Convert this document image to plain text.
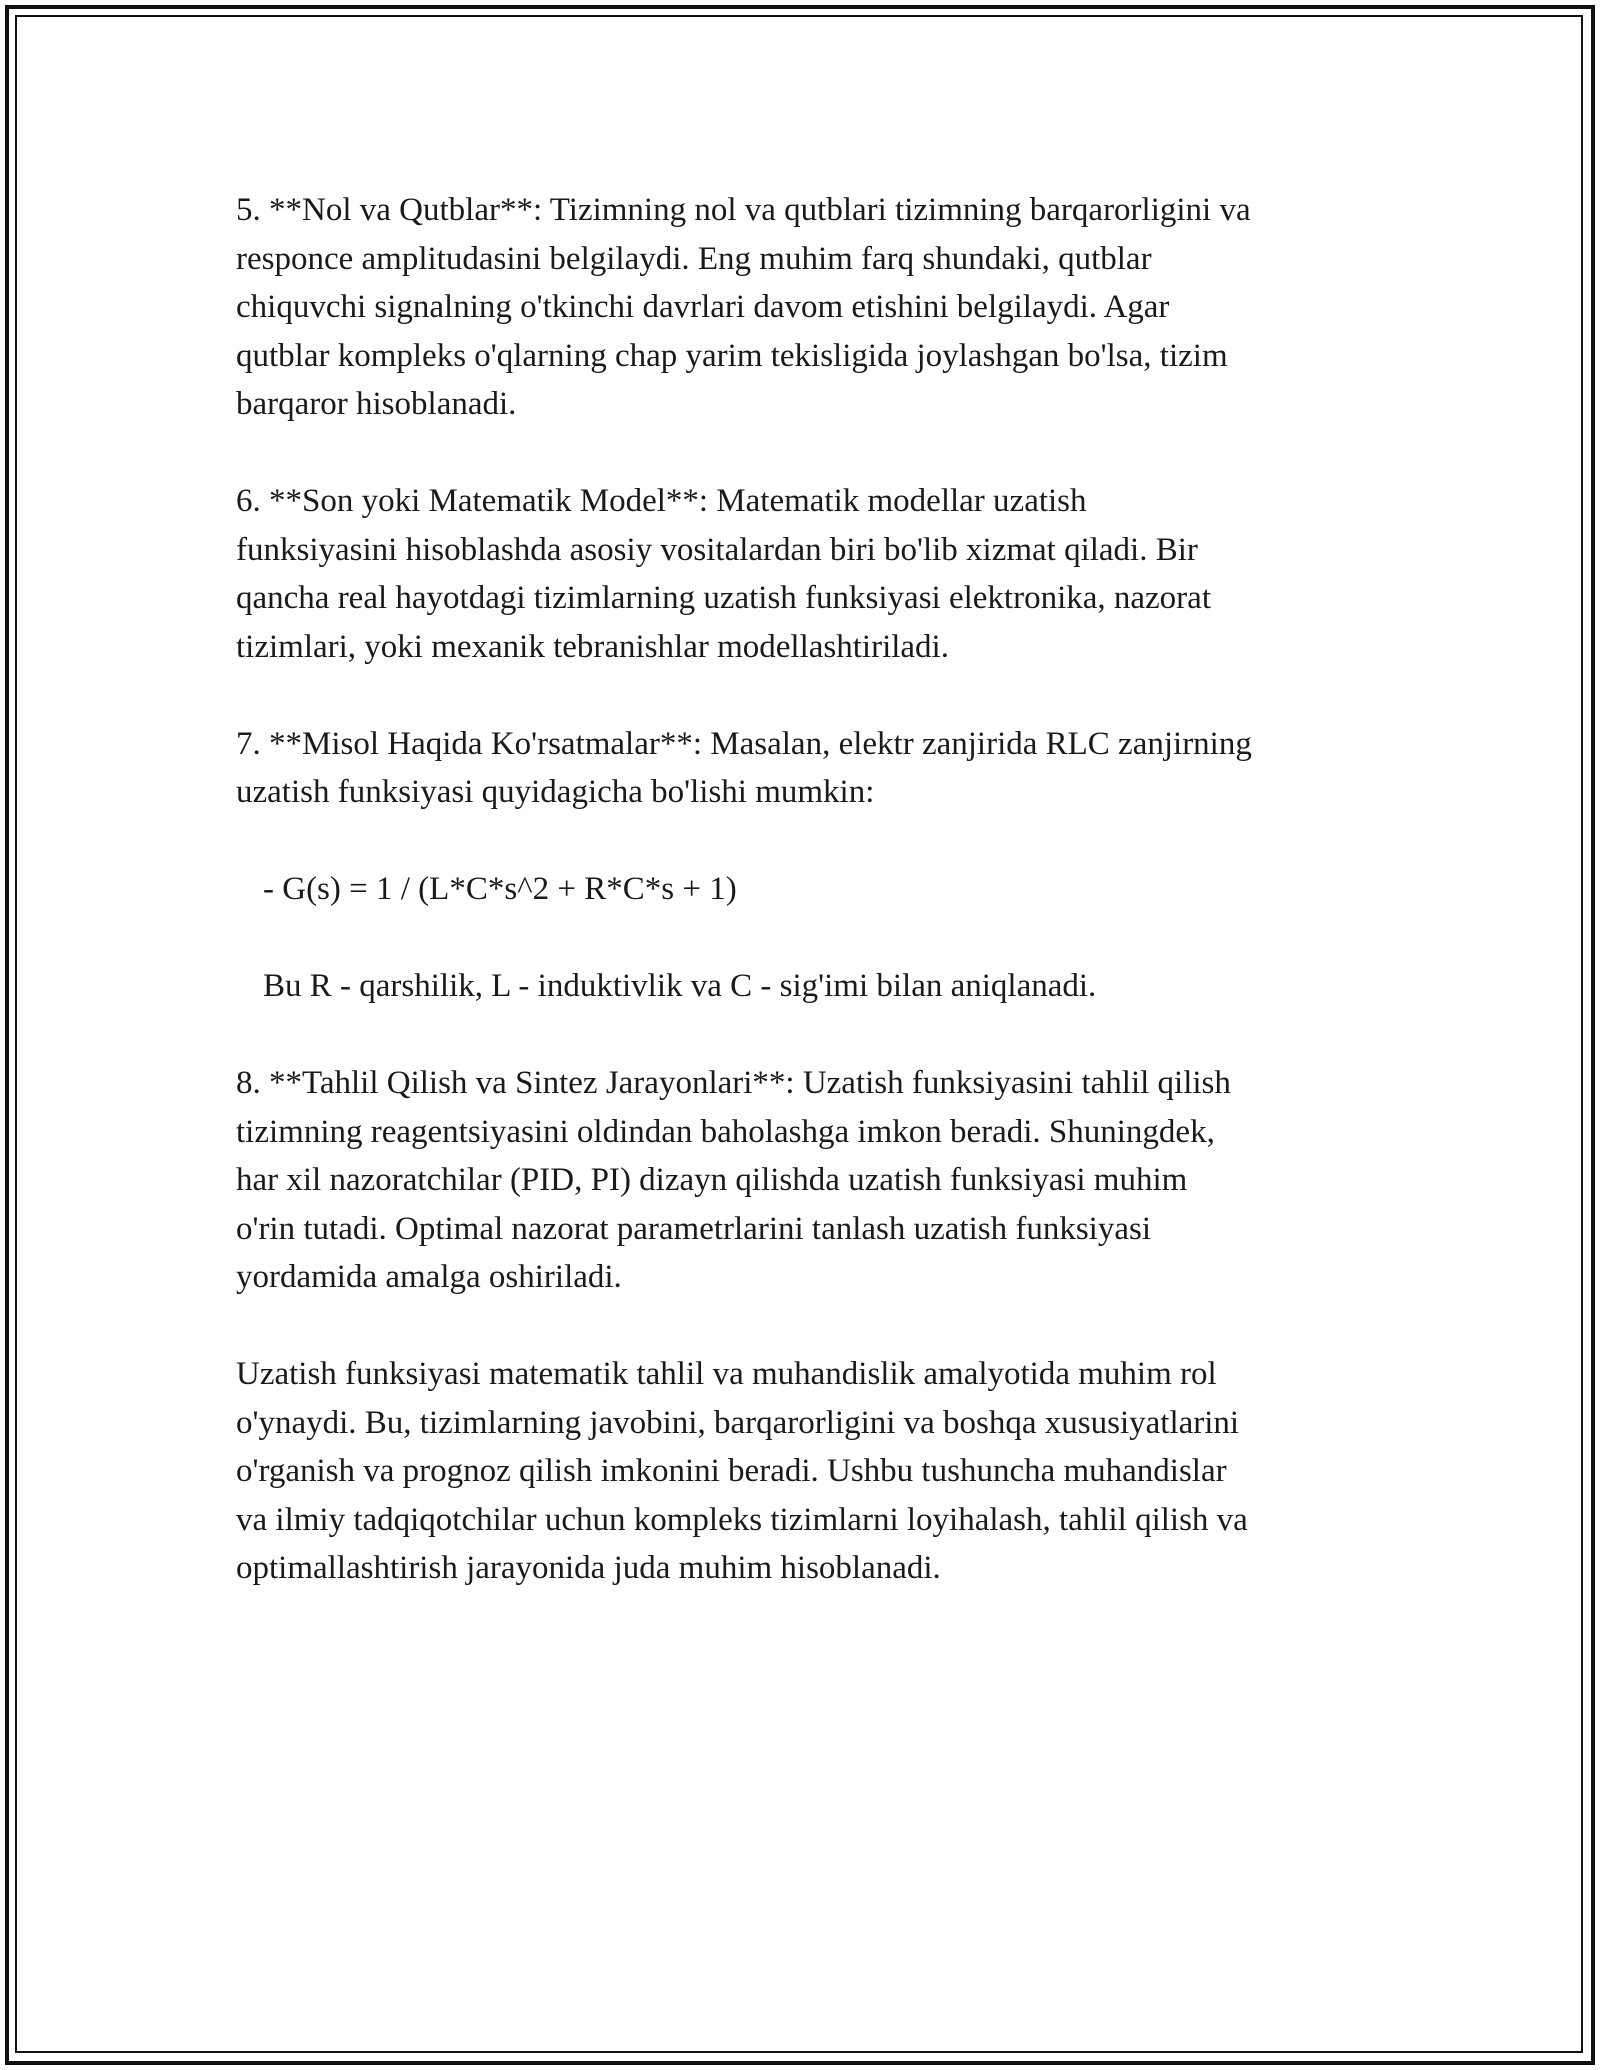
5. **Nol va Qutblar**: Tizimning nol va qutblari tizimning barqarorligini va
responce amplitudasini belgilaydi. Eng muhim farq shundaki, qutblar
chiquvchi signalning o'tkinchi davrlari davom etishini belgilaydi. Agar
qutblar kompleks o'qlarning chap yarim tekisligida joylashgan bo'lsa, tizim
barqaror hisoblanadi.

6. **Son yoki Matematik Model**: Matematik modellar uzatish
funksiyasini hisoblashda asosiy vositalardan biri bo'lib xizmat qiladi. Bir
qancha real hayotdagi tizimlarning uzatish funksiyasi elektronika, nazorat
tizimlari, yoki mexanik tebranishlar modellashtiriladi.

7. **Misol Haqida Ko'rsatmalar**: Masalan, elektr zanjirida RLC zanjirning
uzatish funksiyasi quyidagicha bo'lishi mumkin:

- G(s) = 1 / (L*C*s^2 + R*C*s + 1)

Bu R - qarshilik, L - induktivlik va C - sig'imi bilan aniqlanadi.

8. **Tahlil Qilish va Sintez Jarayonlari**: Uzatish funksiyasini tahlil qilish
tizimning reagentsiyasini oldindan baholashga imkon beradi. Shuningdek,
har xil nazoratchilar (PID, PI) dizayn qilishda uzatish funksiyasi muhim
o'rin tutadi. Optimal nazorat parametrlarini tanlash uzatish funksiyasi
yordamida amalga oshiriladi.

Uzatish funksiyasi matematik tahlil va muhandislik amalyotida muhim rol
o'ynaydi. Bu, tizimlarning javobini, barqarorligini va boshqa xususiyatlarini
o'rganish va prognoz qilish imkonini beradi. Ushbu tushuncha muhandislar
va ilmiy tadqiqotchilar uchun kompleks tizimlarni loyihalash, tahlil qilish va
optimallashtirish jarayonida juda muhim hisoblanadi.
